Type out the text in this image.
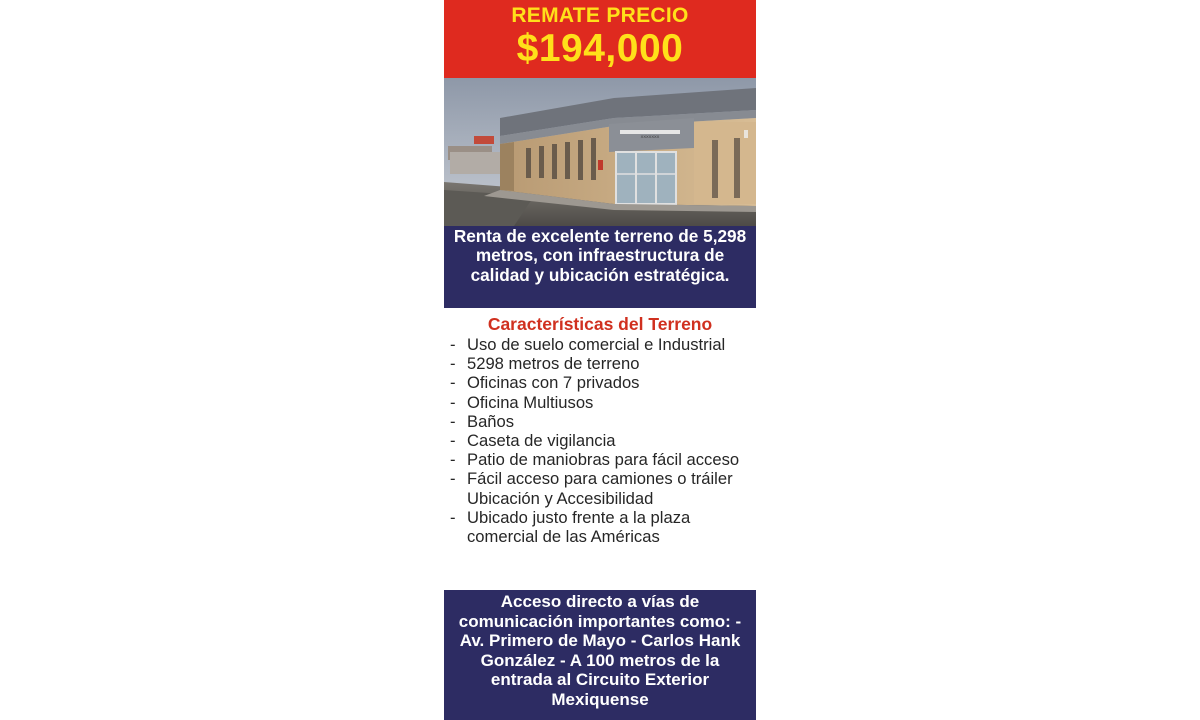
REMATE PRECIO
$194,000
XXXXXXX
Renta de excelente terreno de 5,298 metros, con infraestructura de calidad y ubicación estratégica.
Características del Terreno
- Uso de suelo comercial e Industrial
- 5298 metros de terreno
- Oficinas con 7 privados
- Oficina Multiusos
- Baños
- Caseta de vigilancia
- Patio de maniobras para fácil acceso
- Fácil acceso para camiones o tráiler Ubicación y Accesibilidad
- Ubicado justo frente a la plaza comercial de las Américas
Acceso directo a vías de comunicación importantes como: - Av. Primero de Mayo - Carlos Hank González - A 100 metros de la entrada al Circuito Exterior Mexiquense
